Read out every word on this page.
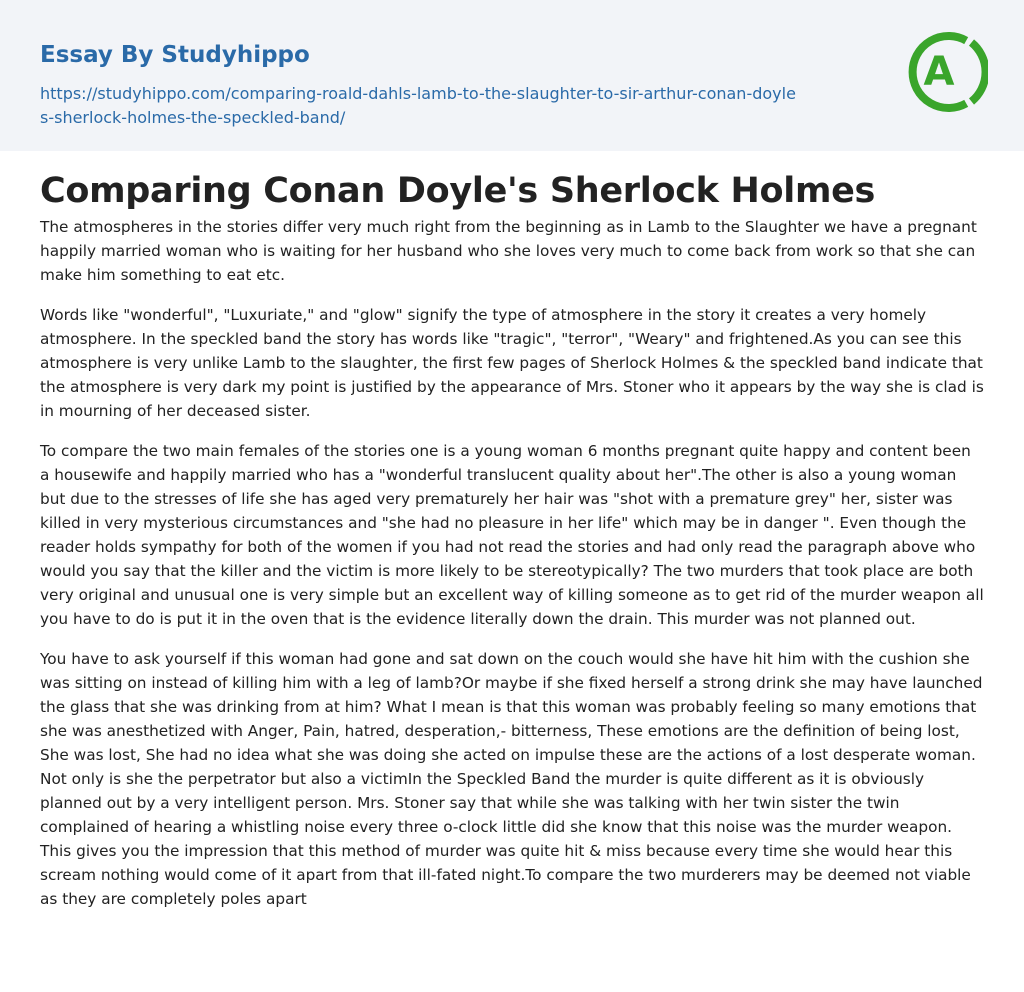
Essay By Studyhippo
https://studyhippo.com/comparing-roald-dahls-lamb-to-the-slaughter-to-sir-arthur-conan-doyles-sherlock-holmes-the-speckled-band/
A
Comparing Conan Doyle's Sherlock Holmes

The atmospheres in the stories differ very much right from the beginning as in Lamb to the Slaughter we have a pregnant happily married woman who is waiting for her husband who she loves very much to come back from work so that she can make him something to eat etc.

Words like "wonderful", "Luxuriate," and "glow" signify the type of atmosphere in the story it creates a very homely atmosphere. In the speckled band the story has words like "tragic", "terror", "Weary" and frightened.As you can see this atmosphere is very unlike Lamb to the slaughter, the first few pages of Sherlock Holmes & the speckled band indicate that the atmosphere is very dark my point is justified by the appearance of Mrs. Stoner who it appears by the way she is clad is in mourning of her deceased sister.

To compare the two main females of the stories one is a young woman 6 months pregnant quite happy and content been a housewife and happily married who has a "wonderful translucent quality about her".The other is also a young woman but due to the stresses of life she has aged very prematurely her hair was "shot with a premature grey" her, sister was killed in very mysterious circumstances and "she had no pleasure in her life" which may be in danger ". Even though the reader holds sympathy for both of the women if you had not read the stories and had only read the paragraph above who would you say that the killer and the victim is more likely to be stereotypically? The two murders that took place are both very original and unusual one is very simple but an excellent way of killing someone as to get rid of the murder weapon all you have to do is put it in the oven that is the evidence literally down the drain. This murder was not planned out.

You have to ask yourself if this woman had gone and sat down on the couch would she have hit him with the cushion she was sitting on instead of killing him with a leg of lamb?Or maybe if she fixed herself a strong drink she may have launched the glass that she was drinking from at him? What I mean is that this woman was probably feeling so many emotions that she was anesthetized with Anger, Pain, hatred, desperation,- bitterness, These emotions are the definition of being lost, She was lost, She had no idea what she was doing she acted on impulse these are the actions of a lost desperate woman. Not only is she the perpetrator but also a victimIn the Speckled Band the murder is quite different as it is obviously planned out by a very intelligent person. Mrs. Stoner say that while she was talking with her twin sister the twin complained of hearing a whistling noise every three o-clock little did she know that this noise was the murder weapon. This gives you the impression that this method of murder was quite hit & miss because every time she would hear this scream nothing would come of it apart from that ill-fated night.To compare the two murderers may be deemed not viable as they are completely poles apart
